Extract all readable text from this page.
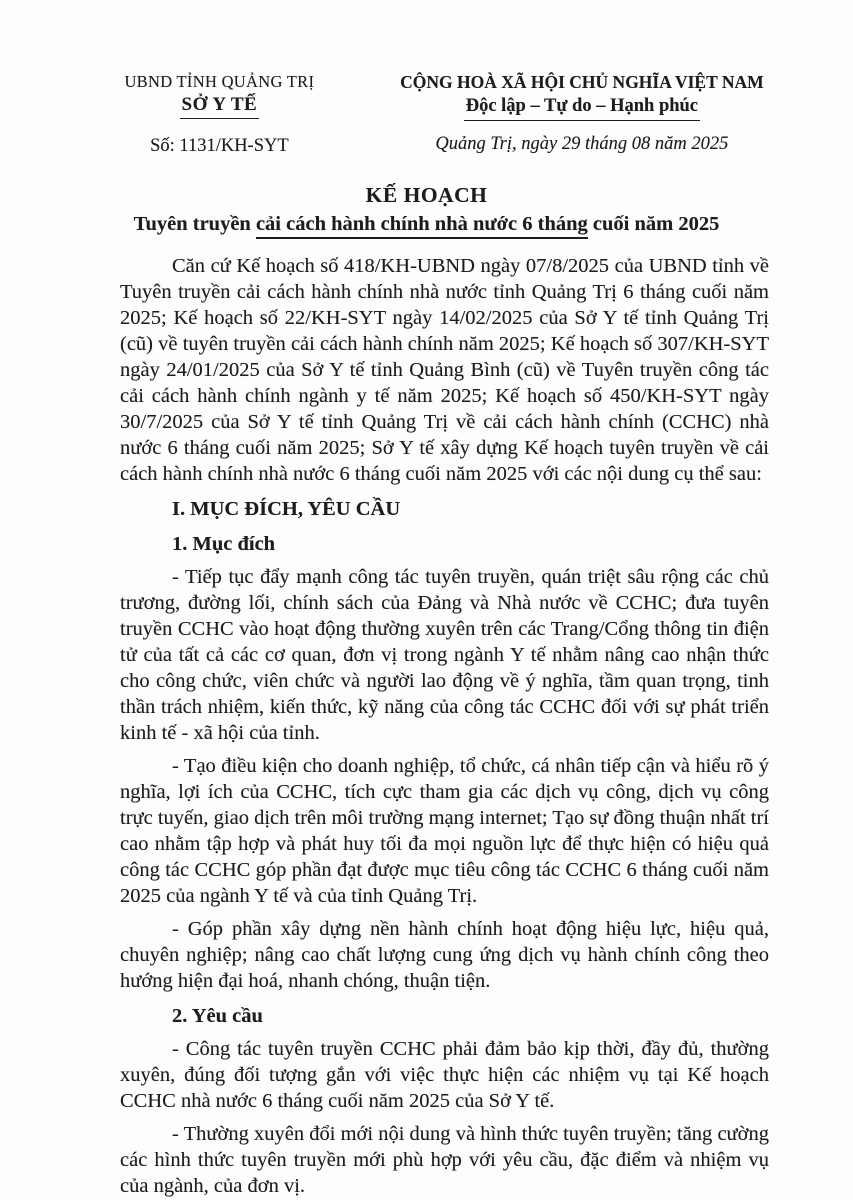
UBND TỈNH QUẢNG TRỊ
SỞ Y TẾ
Số: 1131/KH-SYT
CỘNG HOÀ XÃ HỘI CHỦ NGHĨA VIỆT NAM
Độc lập – Tự do – Hạnh phúc
Quảng Trị, ngày 29 tháng 08 năm 2025
KẾ HOẠCH
Tuyên truyền cải cách hành chính nhà nước 6 tháng cuối năm 2025

Căn cứ Kế hoạch số 418/KH-UBND ngày 07/8/2025 của UBND tỉnh về Tuyên truyền cải cách hành chính nhà nước tỉnh Quảng Trị 6 tháng cuối năm 2025; Kế hoạch số 22/KH-SYT ngày 14/02/2025 của Sở Y tế tỉnh Quảng Trị (cũ) về tuyên truyền cải cách hành chính năm 2025; Kế hoạch số 307/KH-SYT ngày 24/01/2025 của Sở Y tế tỉnh Quảng Bình (cũ) về Tuyên truyền công tác cải cách hành chính ngành y tế năm 2025; Kế hoạch số 450/KH-SYT ngày 30/7/2025 của Sở Y tế tỉnh Quảng Trị về cải cách hành chính (CCHC) nhà nước 6 tháng cuối năm 2025; Sở Y tế xây dựng Kế hoạch tuyên truyền về cải cách hành chính nhà nước 6 tháng cuối năm 2025 với các nội dung cụ thể sau:

I. MỤC ĐÍCH, YÊU CẦU

1. Mục đích

- Tiếp tục đẩy mạnh công tác tuyên truyền, quán triệt sâu rộng các chủ trương, đường lối, chính sách của Đảng và Nhà nước về CCHC; đưa tuyên truyền CCHC vào hoạt động thường xuyên trên các Trang/Cổng thông tin điện tử của tất cả các cơ quan, đơn vị trong ngành Y tế nhằm nâng cao nhận thức cho công chức, viên chức và người lao động về ý nghĩa, tầm quan trọng, tinh thần trách nhiệm, kiến thức, kỹ năng của công tác CCHC đối với sự phát triển kinh tế - xã hội của tỉnh.

- Tạo điều kiện cho doanh nghiệp, tổ chức, cá nhân tiếp cận và hiểu rõ ý nghĩa, lợi ích của CCHC, tích cực tham gia các dịch vụ công, dịch vụ công trực tuyến, giao dịch trên môi trường mạng internet; Tạo sự đồng thuận nhất trí cao nhằm tập hợp và phát huy tối đa mọi nguồn lực để thực hiện có hiệu quả công tác CCHC góp phần đạt được mục tiêu công tác CCHC 6 tháng cuối năm 2025 của ngành Y tế và của tỉnh Quảng Trị.

- Góp phần xây dựng nền hành chính hoạt động hiệu lực, hiệu quả, chuyên nghiệp; nâng cao chất lượng cung ứng dịch vụ hành chính công theo hướng hiện đại hoá, nhanh chóng, thuận tiện.

2. Yêu cầu

- Công tác tuyên truyền CCHC phải đảm bảo kịp thời, đầy đủ, thường xuyên, đúng đối tượng gắn với việc thực hiện các nhiệm vụ tại Kế hoạch CCHC nhà nước 6 tháng cuối năm 2025 của Sở Y tế.

- Thường xuyên đổi mới nội dung và hình thức tuyên truyền; tăng cường các hình thức tuyên truyền mới phù hợp với yêu cầu, đặc điểm và nhiệm vụ của ngành, của đơn vị.
